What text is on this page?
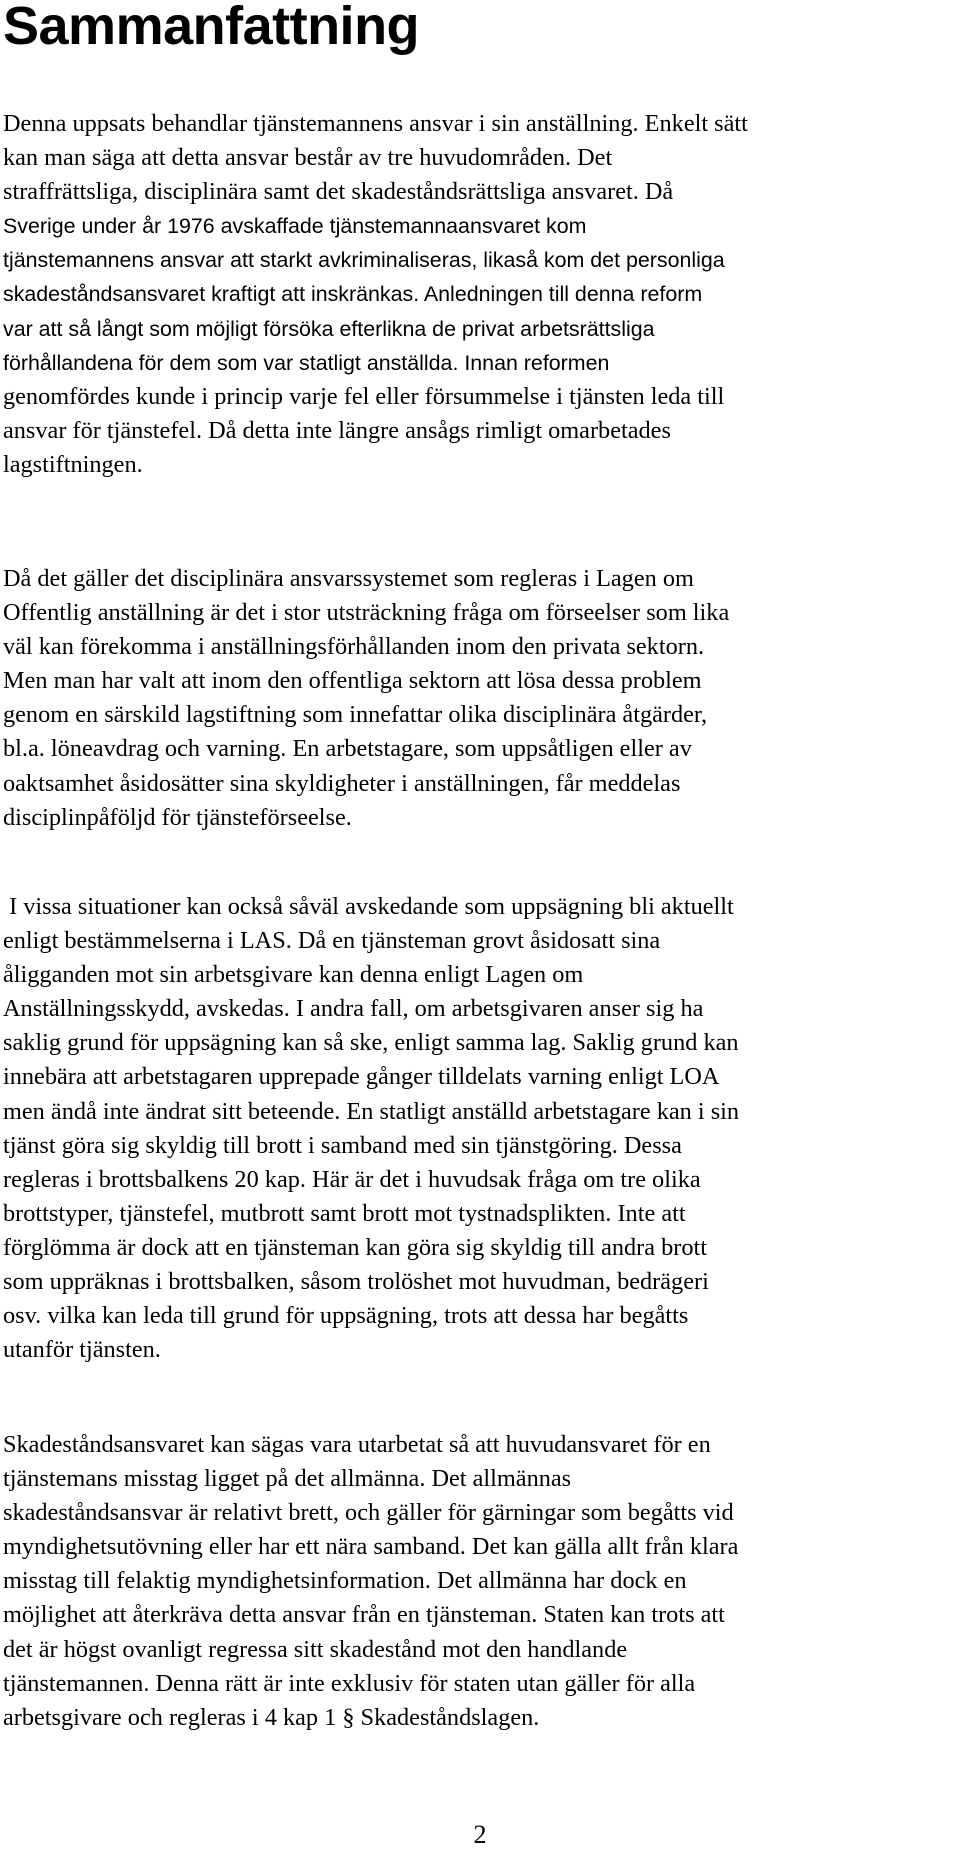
Sammanfattning

Denna uppsats behandlar tjänstemannens ansvar i sin anställning. Enkelt sätt
kan man säga att detta ansvar består av tre huvudområden. Det
straffrättsliga, disciplinära samt det skadeståndsrättsliga ansvaret. Då
Sverige under år 1976 avskaffade tjänstemannaansvaret kom
tjänstemannens ansvar att starkt avkriminaliseras, likaså kom det personliga
skadeståndsansvaret kraftigt att inskränkas. Anledningen till denna reform
var att så långt som möjligt försöka efterlikna de privat arbetsrättsliga
förhållandena för dem som var statligt anställda. Innan reformen
genomfördes kunde i princip varje fel eller försummelse i tjänsten leda till
ansvar för tjänstefel. Då detta inte längre ansågs rimligt omarbetades
lagstiftningen.

Då det gäller det disciplinära ansvarssystemet som regleras i Lagen om
Offentlig anställning är det i stor utsträckning fråga om förseelser som lika
väl kan förekomma i anställningsförhållanden inom den privata sektorn.
Men man har valt att inom den offentliga sektorn att lösa dessa problem
genom en särskild lagstiftning som innefattar olika disciplinära åtgärder,
bl.a. löneavdrag och varning. En arbetstagare, som uppsåtligen eller av
oaktsamhet åsidosätter sina skyldigheter i anställningen, får meddelas
disciplinpåföljd för tjänsteförseelse.

I vissa situationer kan också såväl avskedande som uppsägning bli aktuellt
enligt bestämmelserna i LAS. Då en tjänsteman grovt åsidosatt sina
åligganden mot sin arbetsgivare kan denna enligt Lagen om
Anställningsskydd, avskedas. I andra fall, om arbetsgivaren anser sig ha
saklig grund för uppsägning kan så ske, enligt samma lag. Saklig grund kan
innebära att arbetstagaren upprepade gånger tilldelats varning enligt LOA
men ändå inte ändrat sitt beteende. En statligt anställd arbetstagare kan i sin
tjänst göra sig skyldig till brott i samband med sin tjänstgöring. Dessa
regleras i brottsbalkens 20 kap. Här är det i huvudsak fråga om tre olika
brottstyper, tjänstefel, mutbrott samt brott mot tystnadsplikten. Inte att
förglömma är dock att en tjänsteman kan göra sig skyldig till andra brott
som uppräknas i brottsbalken, såsom trolöshet mot huvudman, bedrägeri
osv. vilka kan leda till grund för uppsägning, trots att dessa har begåtts
utanför tjänsten.

Skadeståndsansvaret kan sägas vara utarbetat så att huvudansvaret för en
tjänstemans misstag ligget på det allmänna. Det allmännas
skadeståndsansvar är relativt brett, och gäller för gärningar som begåtts vid
myndighetsutövning eller har ett nära samband. Det kan gälla allt från klara
misstag till felaktig myndighetsinformation. Det allmänna har dock en
möjlighet att återkräva detta ansvar från en tjänsteman. Staten kan trots att
det är högst ovanligt regressa sitt skadestånd mot den handlande
tjänstemannen. Denna rätt är inte exklusiv för staten utan gäller för alla
arbetsgivare och regleras i 4 kap 1 § Skadeståndslagen.

2
